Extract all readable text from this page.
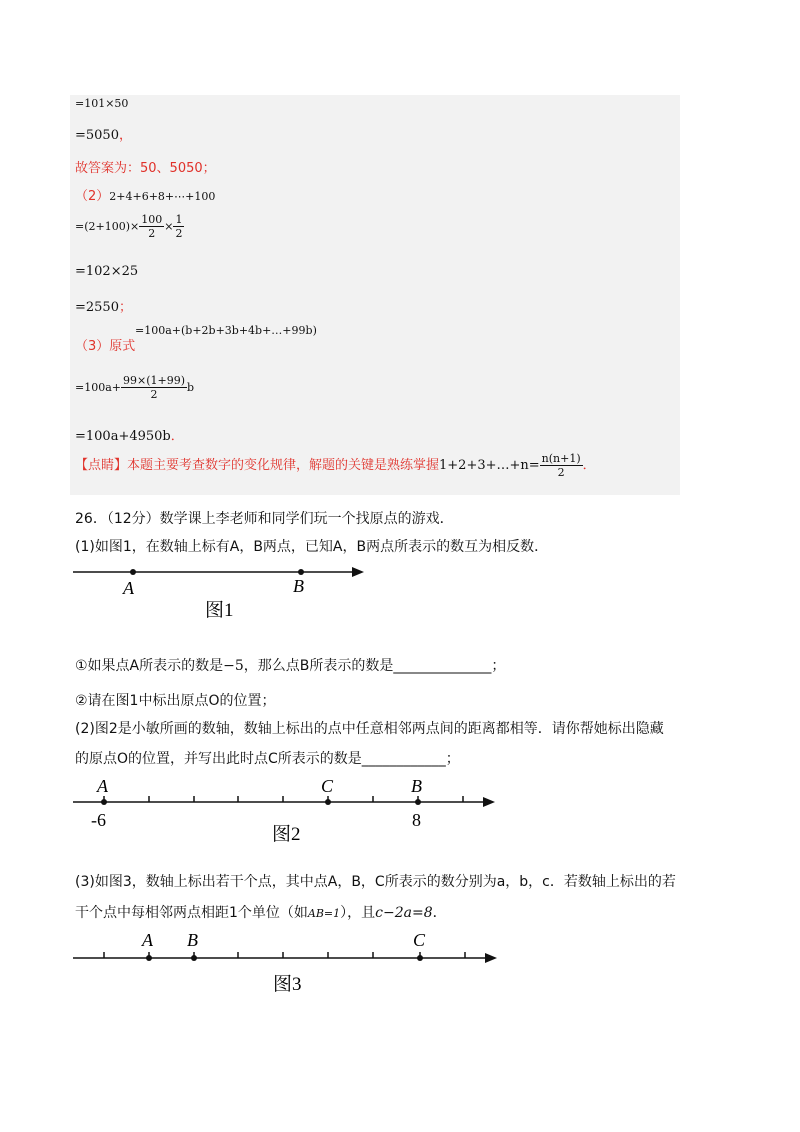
=101×50
=5050，
故答案为：50、5050；
（2）2+4+6+8+⋯+100
$=(2+100)\times \frac{100}{2} \times \frac{1}{2}$
=102×25
=2550；
=100a+(b+2b+3b+4b+…+99b)
（3）原式
$=100a+ \frac{99\times(1+99)}{2}$ b
=100a+4950b．
【点睛】本题主要考查数字的变化规律，解题的关键是熟练掌握1+2+3+…+n= $\frac{n(n+1)}{2}$ ．
26．（12分）数学课上李老师和同学们玩一个找原点的游戏．
(1)如图1，在数轴上标有A，B两点，已知A，B两点所表示的数互为相反数．
A	B
图1
①如果点A所表示的数是−5，那么点B所表示的数是______________；
②请在图1中标出原点O的位置；
(2)图2是小敏所画的数轴，数轴上标出的点中任意相邻两点间的距离都相等．请你帮她标出隐藏
的原点O的位置，并写出此时点C所表示的数是____________；
A	C	B
-6	8
图2
(3)如图3，数轴上标出若干个点，其中点A，B，C所表示的数分别为a，b，c．若数轴上标出的若
干个点中每相邻两点相距1个单位（如AB=1），且c−2a=8．
A B	C
图3
